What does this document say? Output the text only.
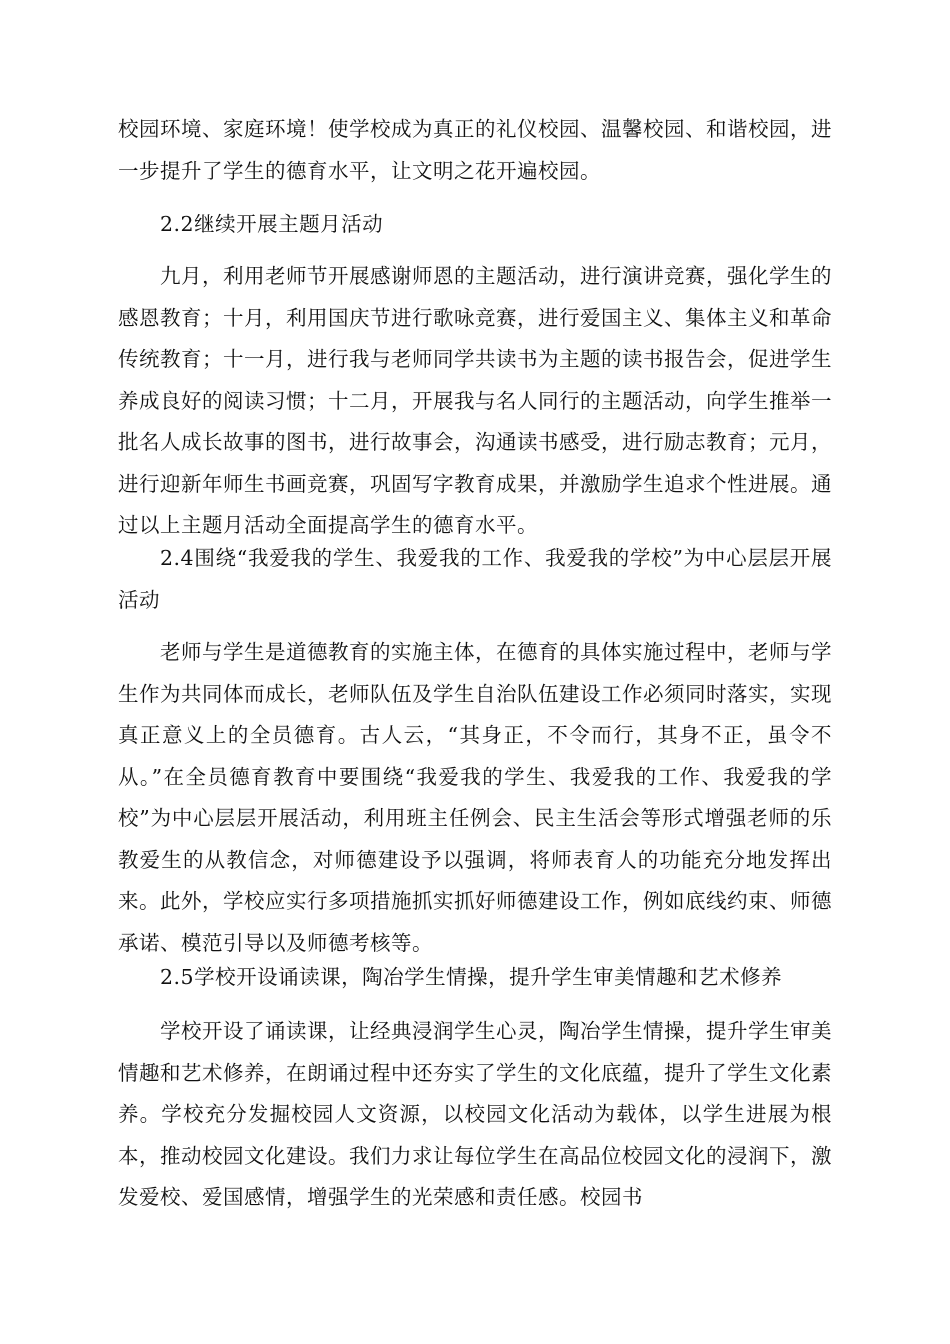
校园环境、家庭环境！使学校成为真正的礼仪校园、温馨校园、和谐校园，进一步提升了学生的德育水平，让文明之花开遍校园。

2.2继续开展主题月活动

九月，利用老师节开展感谢师恩的主题活动，进行演讲竞赛，强化学生的感恩教育；十月，利用国庆节进行歌咏竞赛，进行爱国主义、集体主义和革命传统教育；十一月，进行我与老师同学共读书为主题的读书报告会，促进学生养成良好的阅读习惯；十二月，开展我与名人同行的主题活动，向学生推举一批名人成长故事的图书，进行故事会，沟通读书感受，进行励志教育；元月，进行迎新年师生书画竞赛，巩固写字教育成果，并激励学生追求个性进展。通过以上主题月活动全面提高学生的德育水平。

2.4围绕“我爱我的学生、我爱我的工作、我爱我的学校”为中心层层开展活动

老师与学生是道德教育的实施主体，在德育的具体实施过程中，老师与学生作为共同体而成长，老师队伍及学生自治队伍建设工作必须同时落实，实现真正意义上的全员德育。古人云，“其身正，不令而行，其身不正，虽令不从。”在全员德育教育中要围绕“我爱我的学生、我爱我的工作、我爱我的学校”为中心层层开展活动，利用班主任例会、民主生活会等形式增强老师的乐教爱生的从教信念，对师德建设予以强调，将师表育人的功能充分地发挥出来。此外，学校应实行多项措施抓实抓好师德建设工作，例如底线约束、师德承诺、模范引导以及师德考核等。

2.5学校开设诵读课，陶冶学生情操，提升学生审美情趣和艺术修养

学校开设了诵读课，让经典浸润学生心灵，陶冶学生情操，提升学生审美情趣和艺术修养，在朗诵过程中还夯实了学生的文化底蕴，提升了学生文化素养。学校充分发掘校园人文资源，以校园文化活动为载体，以学生进展为根本，推动校园文化建设。我们力求让每位学生在高品位校园文化的浸润下，激发爱校、爱国感情，增强学生的光荣感和责任感。校园书
